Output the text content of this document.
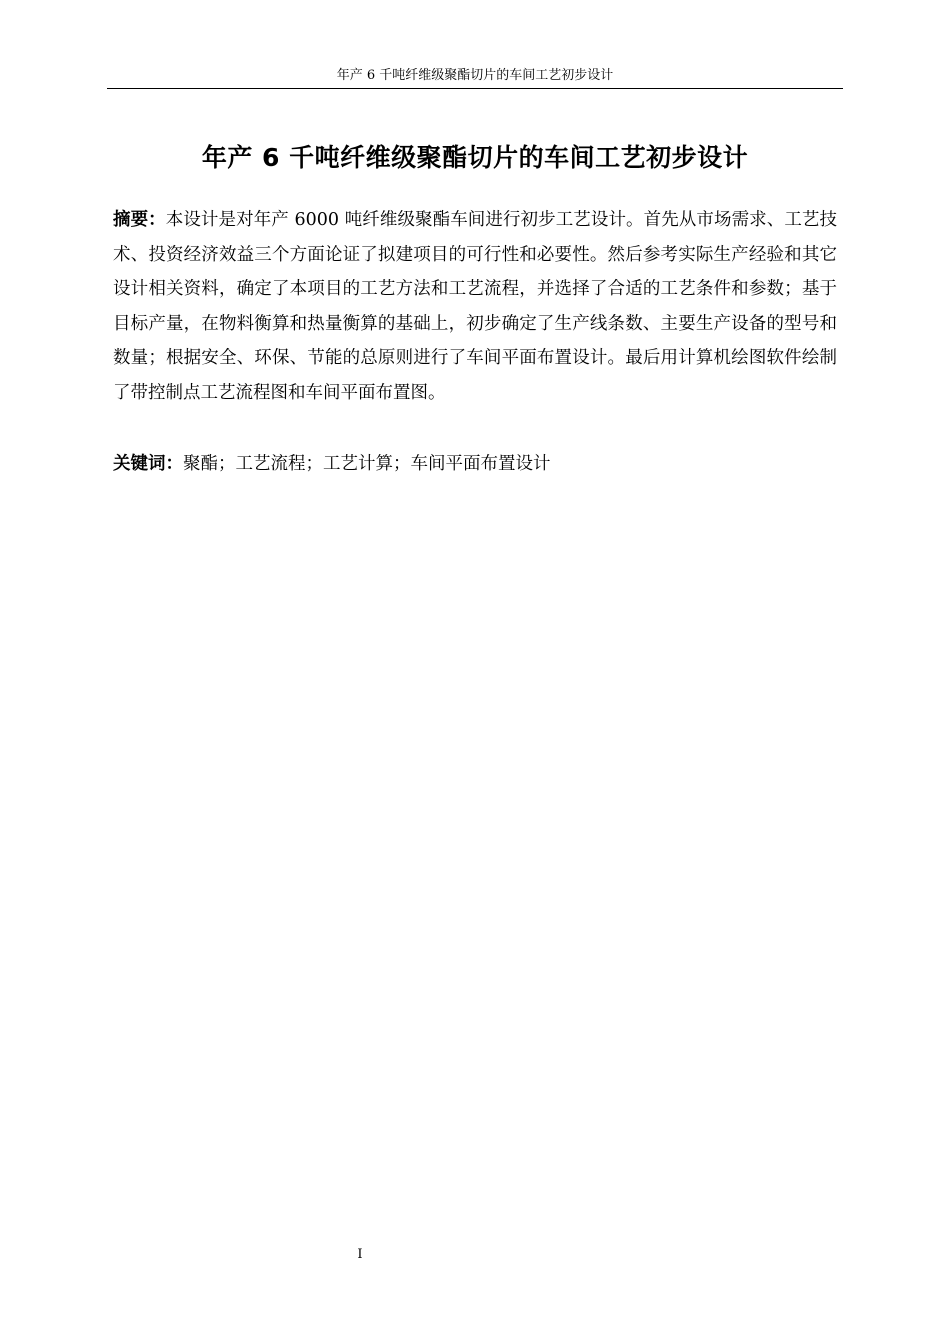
年产 6 千吨纤维级聚酯切片的车间工艺初步设计
年产 6 千吨纤维级聚酯切片的车间工艺初步设计

摘要：本设计是对年产 6000 吨纤维级聚酯车间进行初步工艺设计。首先从市场需求、工艺技术、投资经济效益三个方面论证了拟建项目的可行性和必要性。然后参考实际生产经验和其它设计相关资料，确定了本项目的工艺方法和工艺流程，并选择了合适的工艺条件和参数；基于目标产量，在物料衡算和热量衡算的基础上，初步确定了生产线条数、主要生产设备的型号和数量；根据安全、环保、节能的总原则进行了车间平面布置设计。最后用计算机绘图软件绘制了带控制点工艺流程图和车间平面布置图。

关键词：聚酯；工艺流程；工艺计算；车间平面布置设计

I
